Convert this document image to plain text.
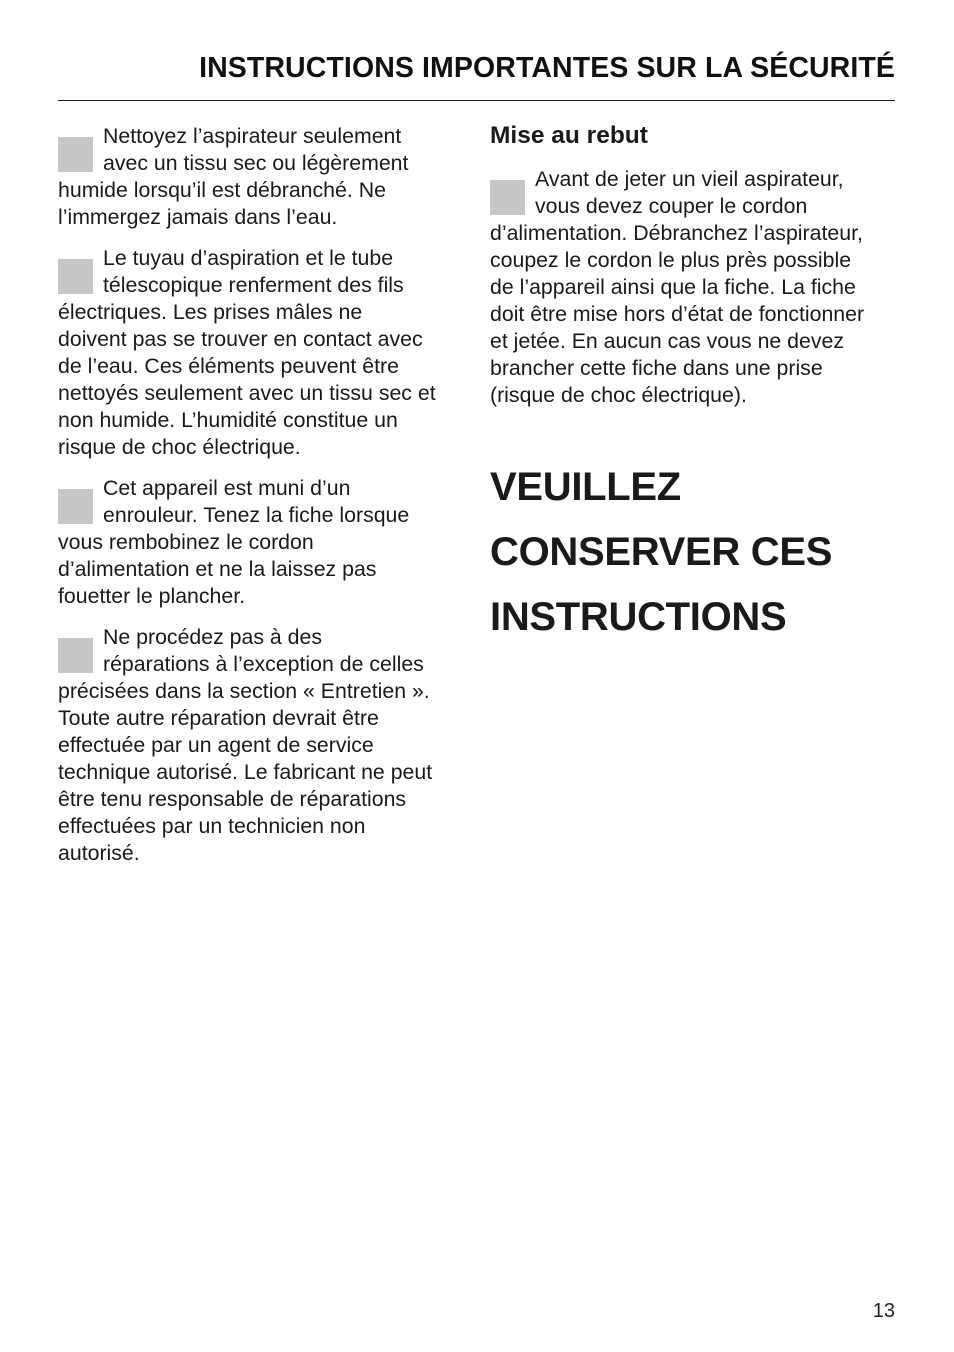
INSTRUCTIONS IMPORTANTES SUR LA SÉCURITÉ
Nettoyez l’aspirateur seulement
avec un tissu sec ou légèrement
humide lorsqu’il est débranché. Ne
l’immergez jamais dans l’eau.
Le tuyau d’aspiration et le tube
télescopique renferment des fils
électriques. Les prises mâles ne
doivent pas se trouver en contact avec
de l’eau. Ces éléments peuvent être
nettoyés seulement avec un tissu sec et
non humide. L’humidité constitue un
risque de choc électrique.
Cet appareil est muni d’un
enrouleur. Tenez la fiche lorsque
vous rembobinez le cordon
d’alimentation et ne la laissez pas
fouetter le plancher.
Ne procédez pas à des
réparations à l’exception de celles
précisées dans la section « Entretien ».
Toute autre réparation devrait être
effectuée par un agent de service
technique autorisé. Le fabricant ne peut
être tenu responsable de réparations
effectuées par un technicien non
autorisé.
Mise au rebut
Avant de jeter un vieil aspirateur,
vous devez couper le cordon
d’alimentation. Débranchez l’aspirateur,
coupez le cordon le plus près possible
de l’appareil ainsi que la fiche. La fiche
doit être mise hors d’état de fonctionner
et jetée. En aucun cas vous ne devez
brancher cette fiche dans une prise
(risque de choc électrique).
VEUILLEZ
CONSERVER CES
INSTRUCTIONS
13
